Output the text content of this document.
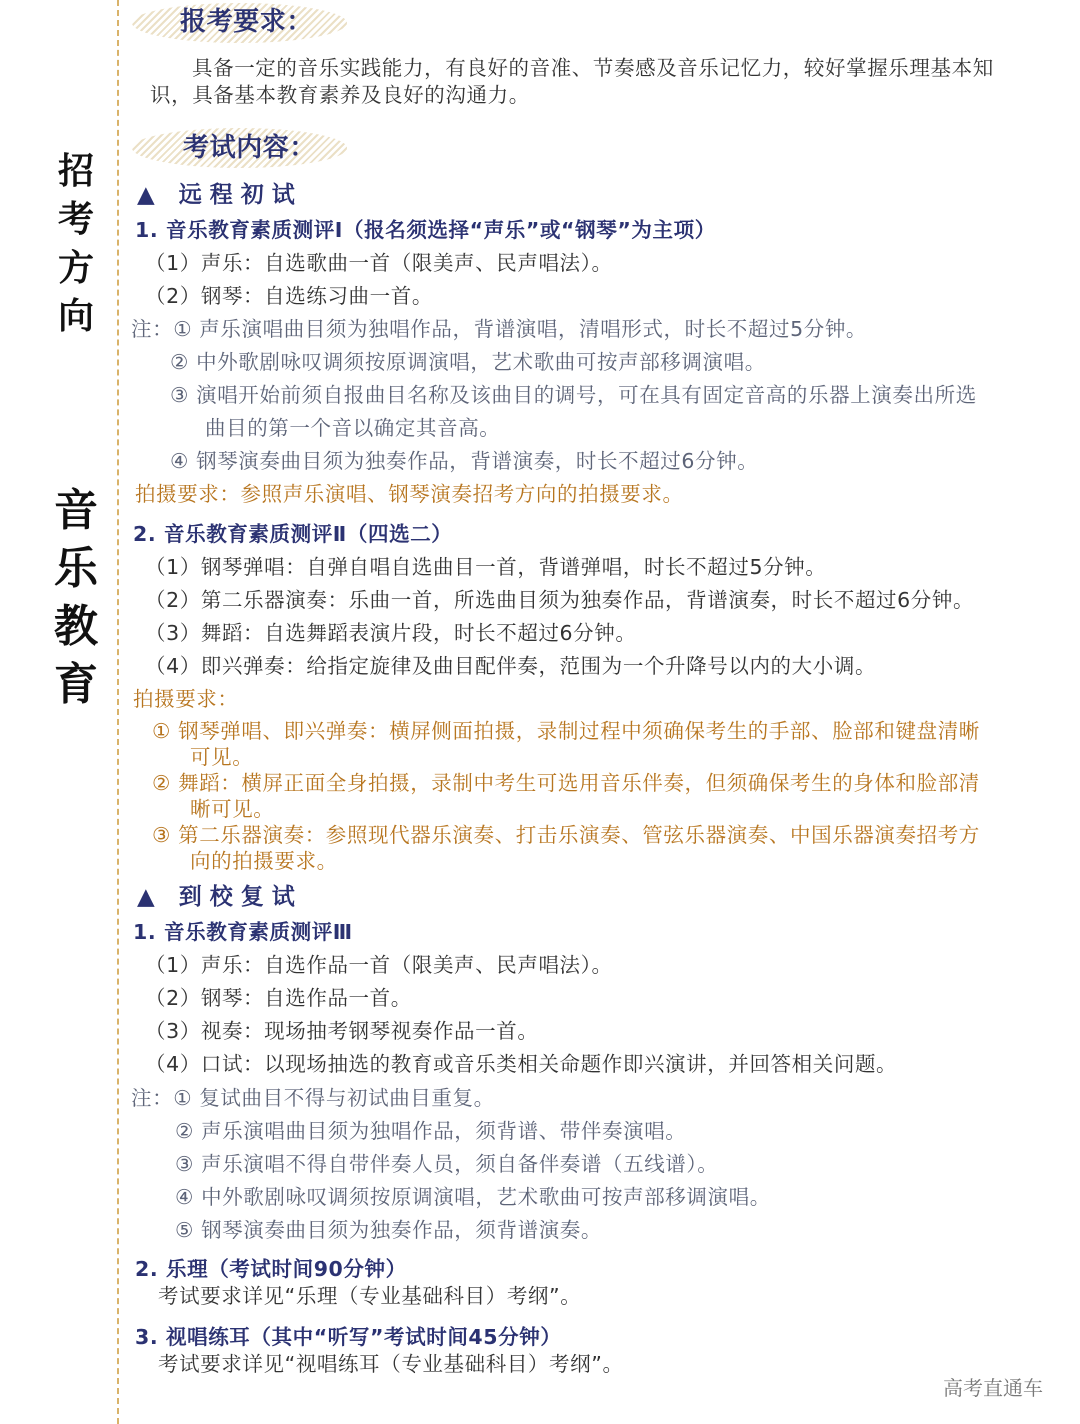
招
考
方
向
音
乐
教
育
报考要求：
具备一定的音乐实践能力，有良好的音准、节奏感及音乐记忆力，较好掌握乐理基本知
识，具备基本教育素养及良好的沟通力。
考试内容：
▲ 远程初试
1. 音乐教育素质测评Ⅰ（报名须选择“声乐”或“钢琴”为主项）
（1）声乐：自选歌曲一首（限美声、民声唱法）。
（2）钢琴：自选练习曲一首。
注：① 声乐演唱曲目须为独唱作品，背谱演唱，清唱形式，时长不超过5分钟。
② 中外歌剧咏叹调须按原调演唱，艺术歌曲可按声部移调演唱。
③ 演唱开始前须自报曲目名称及该曲目的调号，可在具有固定音高的乐器上演奏出所选
曲目的第一个音以确定其音高。
④ 钢琴演奏曲目须为独奏作品，背谱演奏，时长不超过6分钟。
拍摄要求：参照声乐演唱、钢琴演奏招考方向的拍摄要求。
2. 音乐教育素质测评Ⅱ（四选二）
（1）钢琴弹唱：自弹自唱自选曲目一首，背谱弹唱，时长不超过5分钟。
（2）第二乐器演奏：乐曲一首，所选曲目须为独奏作品，背谱演奏，时长不超过6分钟。
（3）舞蹈：自选舞蹈表演片段，时长不超过6分钟。
（4）即兴弹奏：给指定旋律及曲目配伴奏，范围为一个升降号以内的大小调。
拍摄要求：
① 钢琴弹唱、即兴弹奏：横屏侧面拍摄，录制过程中须确保考生的手部、脸部和键盘清晰
可见。
② 舞蹈：横屏正面全身拍摄，录制中考生可选用音乐伴奏，但须确保考生的身体和脸部清
晰可见。
③ 第二乐器演奏：参照现代器乐演奏、打击乐演奏、管弦乐器演奏、中国乐器演奏招考方
向的拍摄要求。
▲ 到校复试
1. 音乐教育素质测评Ⅲ
（1）声乐：自选作品一首（限美声、民声唱法）。
（2）钢琴：自选作品一首。
（3）视奏：现场抽考钢琴视奏作品一首。
（4）口试：以现场抽选的教育或音乐类相关命题作即兴演讲，并回答相关问题。
注：① 复试曲目不得与初试曲目重复。
② 声乐演唱曲目须为独唱作品，须背谱、带伴奏演唱。
③ 声乐演唱不得自带伴奏人员，须自备伴奏谱（五线谱）。
④ 中外歌剧咏叹调须按原调演唱，艺术歌曲可按声部移调演唱。
⑤ 钢琴演奏曲目须为独奏作品，须背谱演奏。
2. 乐理（考试时间90分钟）
考试要求详见“乐理（专业基础科目）考纲”。
3. 视唱练耳（其中“听写”考试时间45分钟）
考试要求详见“视唱练耳（专业基础科目）考纲”。
高考直通车
